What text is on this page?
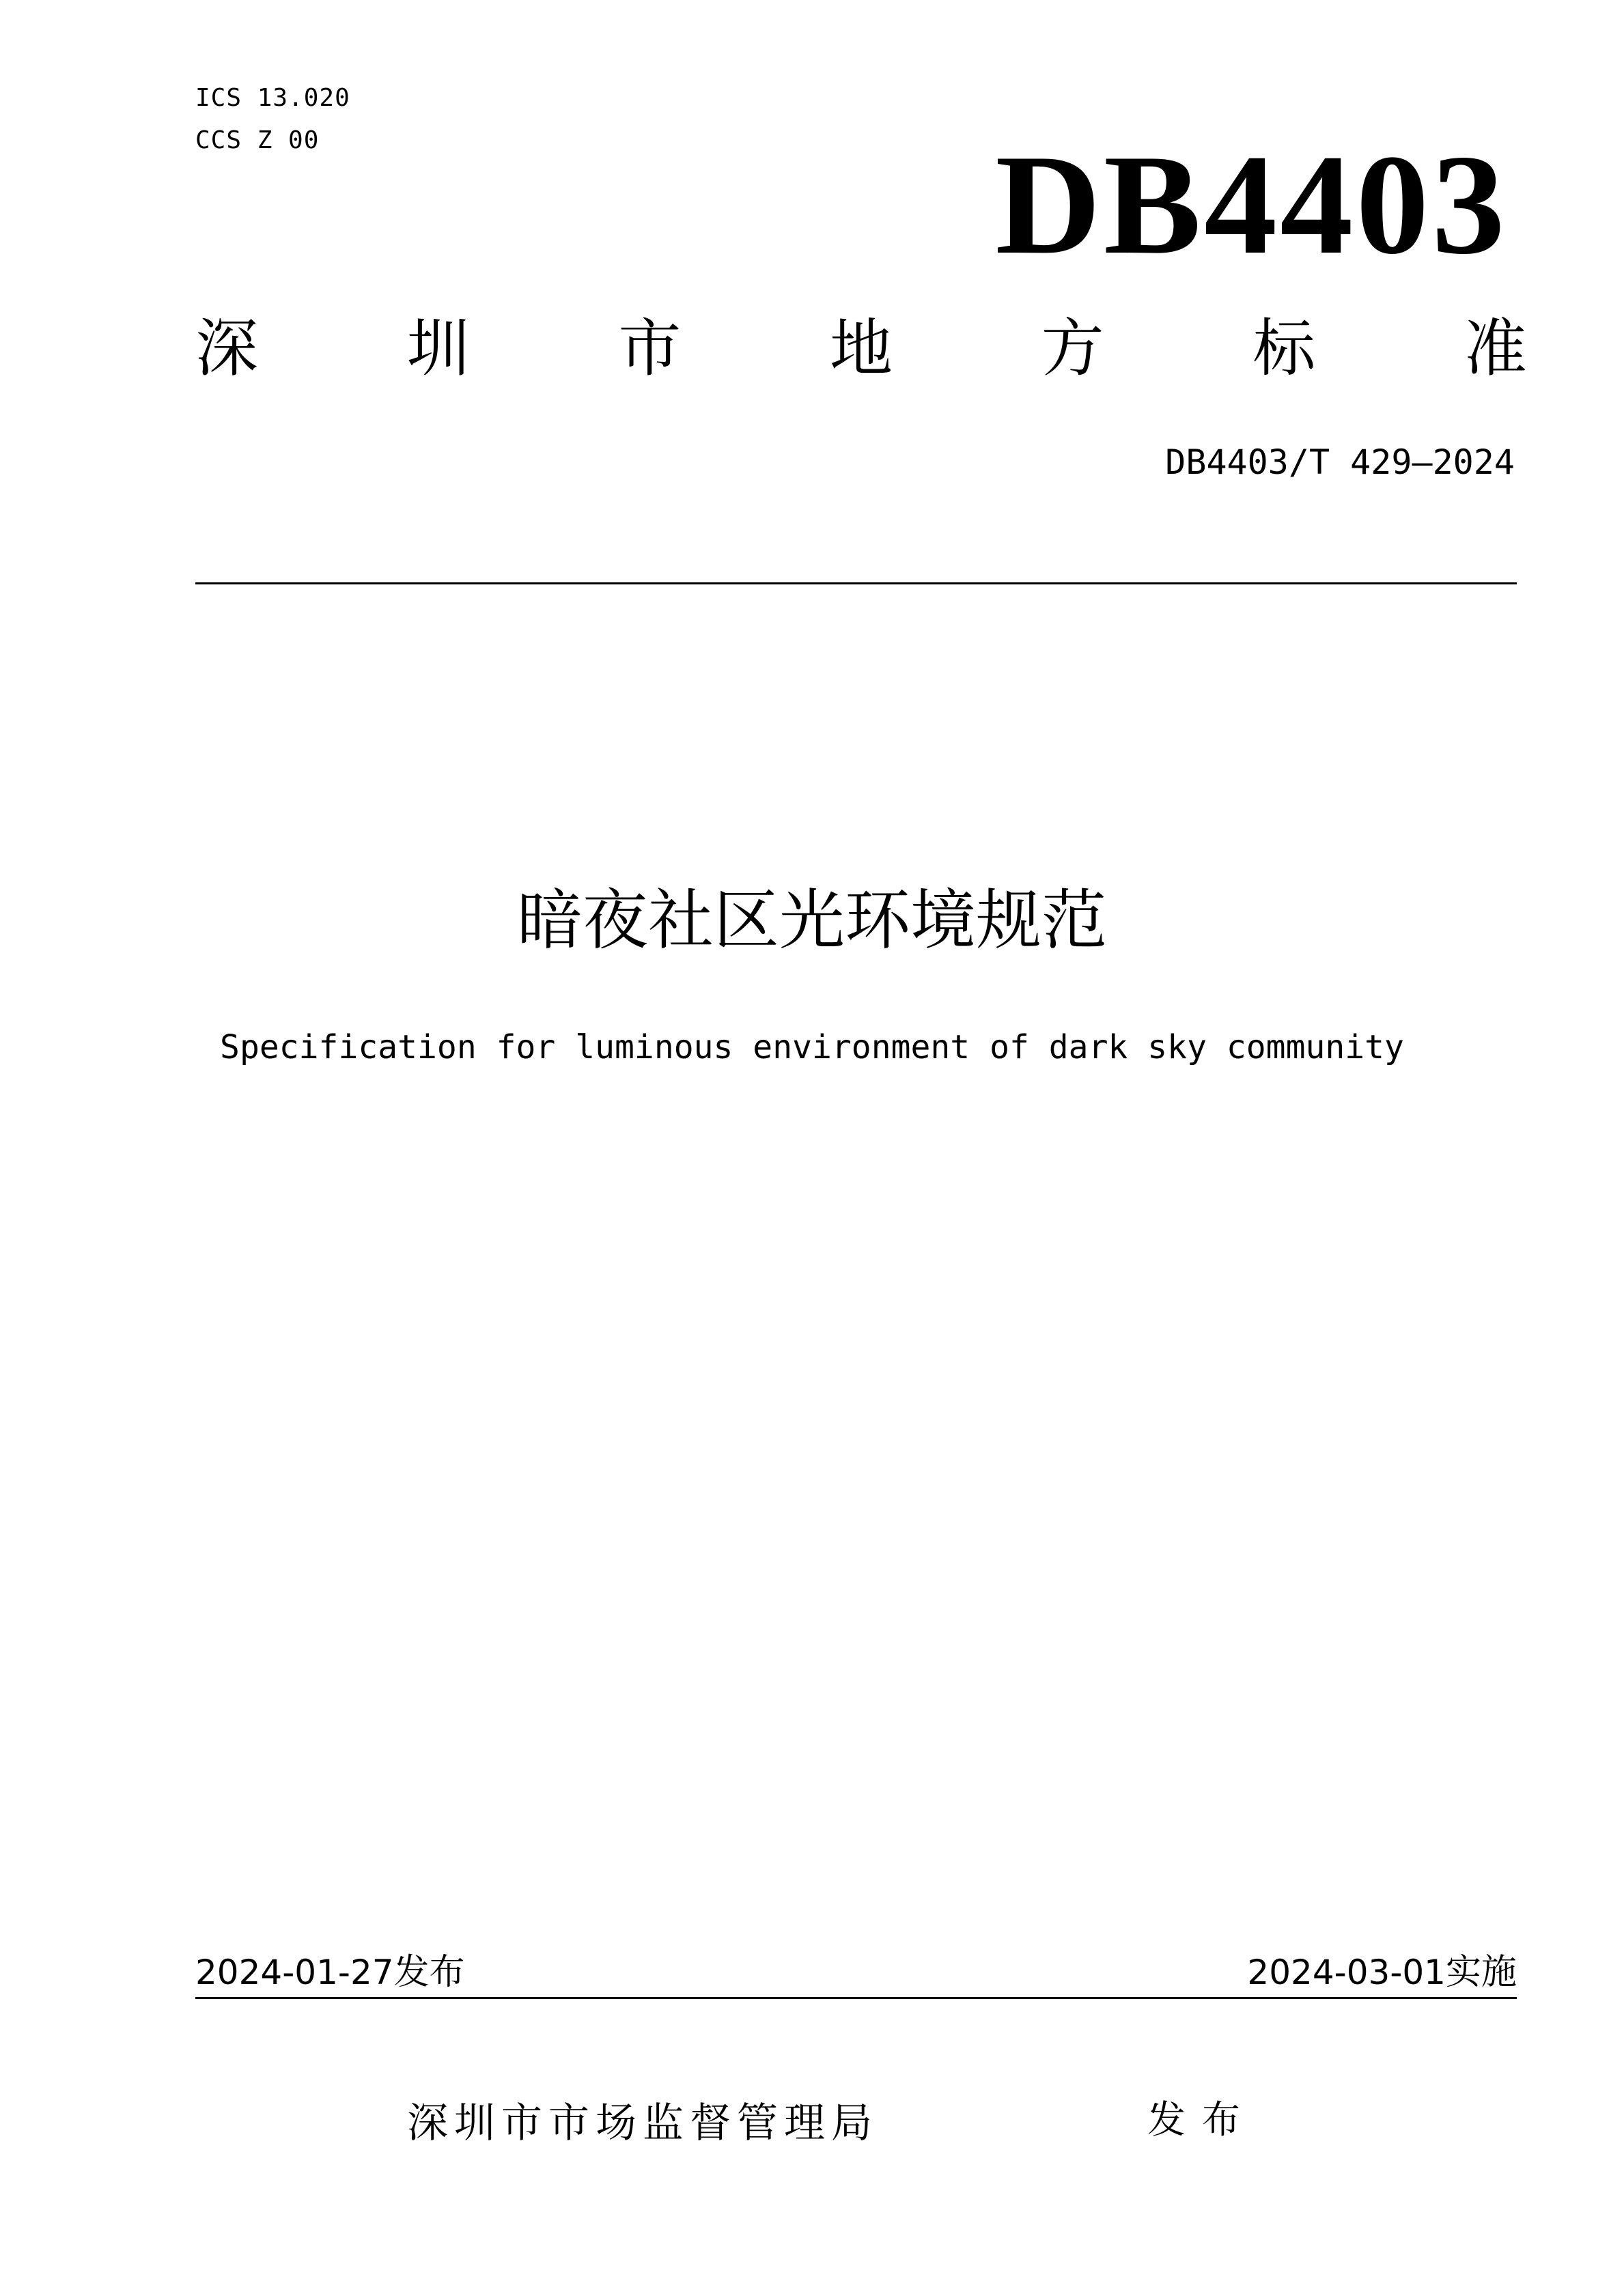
ICS 13.020
CCS Z 00	DB4403
深 圳 市 地 方 标 准
DB4403/T 429—2024
暗夜社区光环境规范
Specification for luminous environment of dark sky community
2024-01-27发布	2024-03-01实施
深圳市市场监督管理局	发布
